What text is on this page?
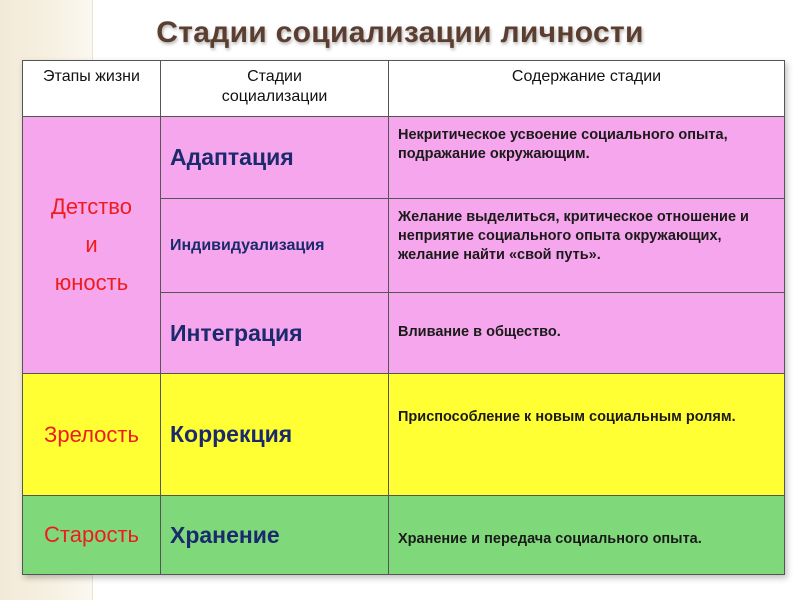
Стадии социализации личности
Этапы жизни	Стадии социализации	Содержание стадии

Детство
и
юность	Адаптация	Некритическое усвоение социального опыта, подражание окружающим.
	Индивидуализация	Желание выделиться, критическое отношение и неприятие социального опыта окружающих, желание найти «свой путь».
	Интеграция	Вливание в общество.
Зрелость	Коррекция	Приспособление к новым социальным ролям.
Старость	Хранение	Хранение и передача социального опыта.
